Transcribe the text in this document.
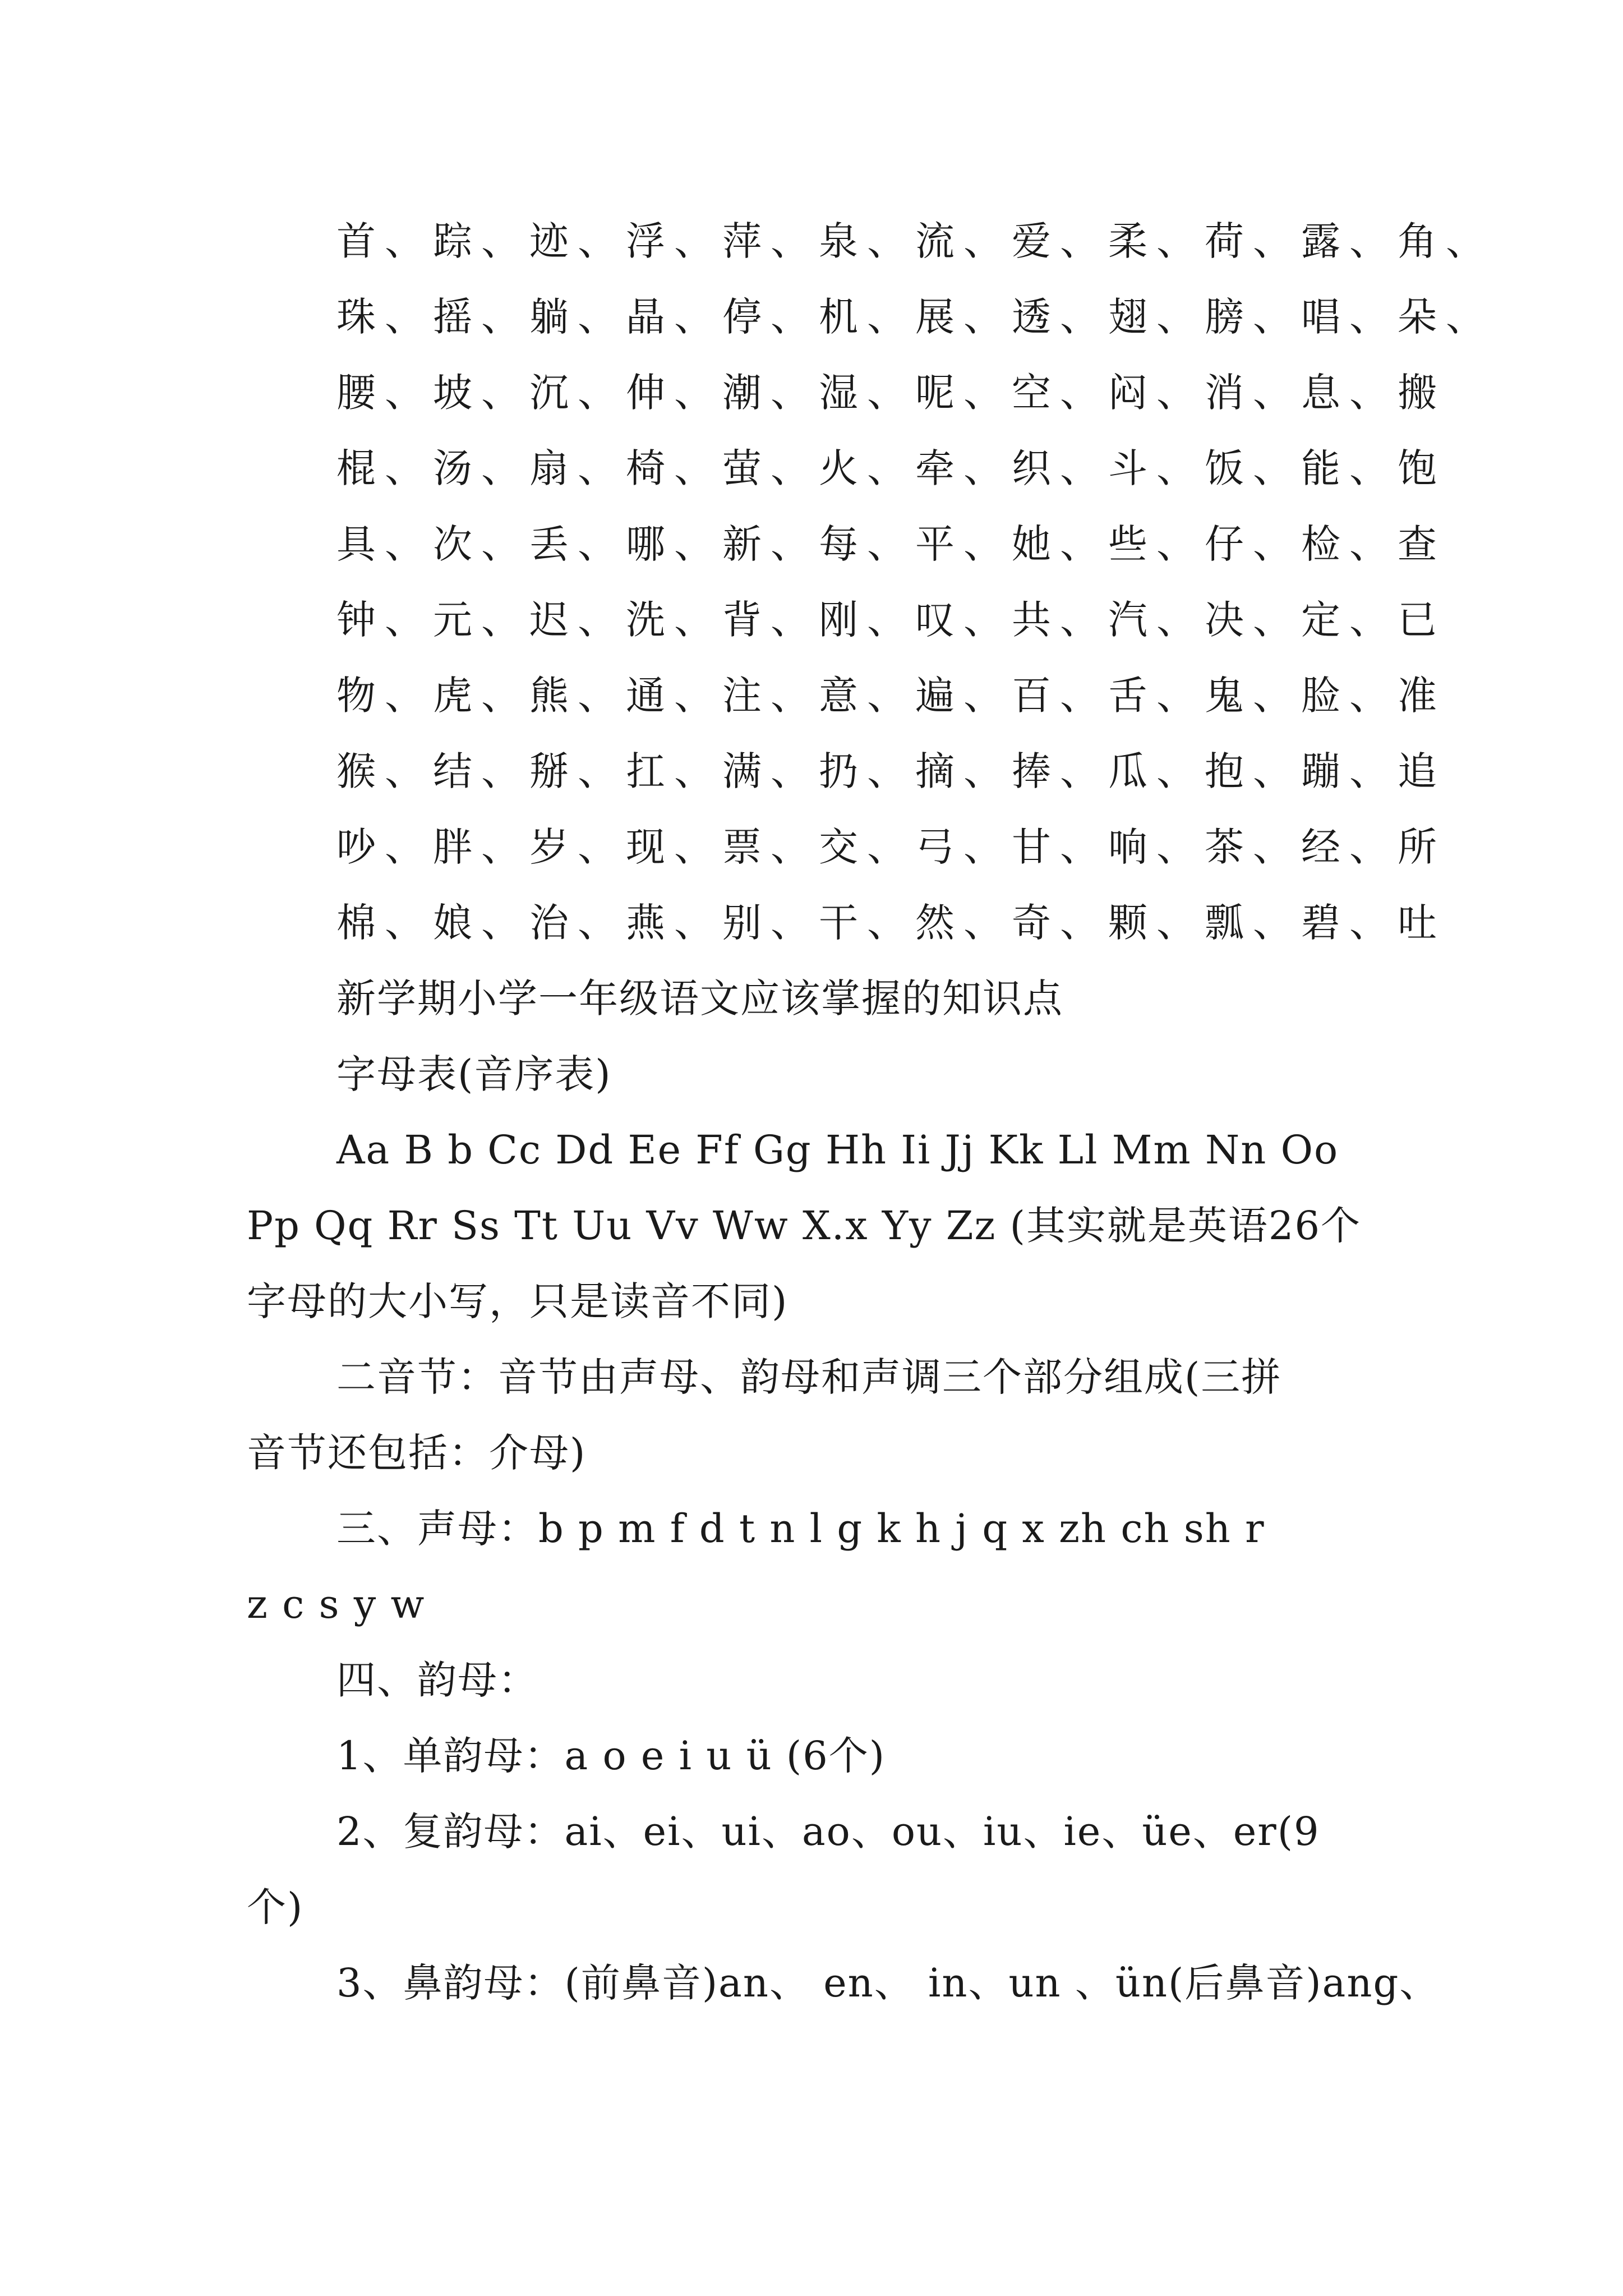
首、踪、迹、浮、萍、泉、流、爱、柔、荷、露、角、
珠、摇、躺、晶、停、机、展、透、翅、膀、唱、朵、
腰、坡、沉、伸、潮、湿、呢、空、闷、消、息、搬
棍、汤、扇、椅、萤、火、牵、织、斗、饭、能、饱
具、次、丢、哪、新、每、平、她、些、仔、检、查
钟、元、迟、洗、背、刚、叹、共、汽、决、定、已
物、虎、熊、通、注、意、遍、百、舌、鬼、脸、准
猴、结、掰、扛、满、扔、摘、捧、瓜、抱、蹦、追
吵、胖、岁、现、票、交、弓、甘、响、茶、经、所
棉、娘、治、燕、别、干、然、奇、颗、瓢、碧、吐
新学期小学一年级语文应该掌握的知识点
字母表(音序表)
Aa B b Cc Dd Ee Ff Gg Hh Ii Jj Kk Ll Mm Nn Oo
Pp Qq Rr Ss Tt Uu Vv Ww X.x Yy Zz (其实就是英语26个
字母的大小写，只是读音不同)
二音节：音节由声母、韵母和声调三个部分组成(三拼
音节还包括：介母)
三、声母：b p m f d t n l g k h j q x zh ch sh r
z c s y w
四、韵母：
1、单韵母：a o e i u ü (6个)
2、复韵母：ai、ei、ui、ao、ou、iu、ie、üe、er(9
个)
3、鼻韵母：(前鼻音)an、 en、 in、un 、ün(后鼻音)ang、
